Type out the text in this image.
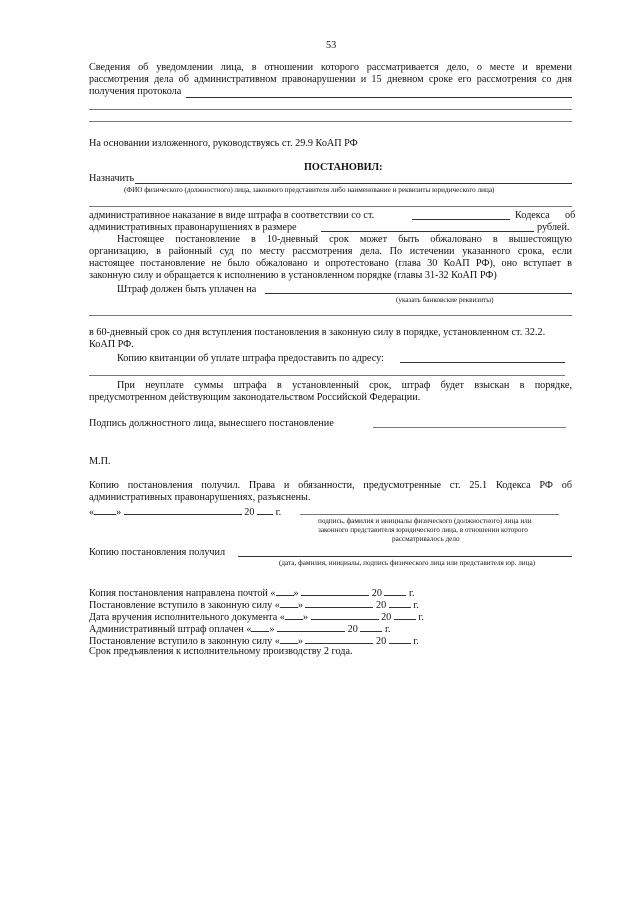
53
Сведения об уведомлении лица, в отношении которого рассматривается дело, о месте и времени
рассмотрения дела об административном правонарушении и 15 дневном сроке его рассмотрения со дня
получения протокола
На основании изложенного, руководствуясь ст. 29.9 КоАП РФ
ПОСТАНОВИЛ:
Назначить
(ФИО физического (должностного) лица, законного представителя либо наименование и реквизиты юридического лица)
административное наказание в виде штрафа в соответствии со ст.	Кодекса об
административных правонарушениях в размере	рублей.
Настоящее постановление в 10-дневный срок может быть обжаловано в вышестоящую
организацию, в районный суд по месту рассмотрения дела. По истечении указанного срока, если
настоящее постановление не было обжаловано и опротестовано (глава 30 КоАП РФ), оно вступает в
законную силу и обращается к исполнению в установленном порядке (главы 31-32 КоАП РФ)
Штраф должен быть уплачен на
(указать банковские реквизиты)
в 60-дневный срок со дня вступления постановления в законную силу в порядке, установленном ст. 32.2.
КоАП РФ.
Копию квитанции об уплате штрафа предоставить по адресу:
При неуплате суммы штрафа в установленный срок, штраф будет взыскан в порядке,
предусмотренном действующим законодательством Российской Федерации.
Подпись должностного лица, вынесшего постановление
М.П.
Копию постановления получил. Права и обязанности, предусмотренные ст. 25.1 Кодекса РФ об
административных правонарушениях, разъяснены.
« »	20 г.
подпись, фамилия и инициалы физического (должностного) лица или
законного представителя юридического лица, в отношении которого
рассматривалось дело
Копию постановления получил
(дата, фамилия, инициалы, подпись физического лица или представителя юр. лица)
Копия постановления направлена почтой « »	20	г.
Постановление вступило в законную силу « »	20	г.
Дата вручения исполнительного документа « »	20	г.
Административный штраф оплачен « »	20	г.
Постановление вступило в законную силу « »	20	г.
Срок предъявления к исполнительному производству 2 года.
